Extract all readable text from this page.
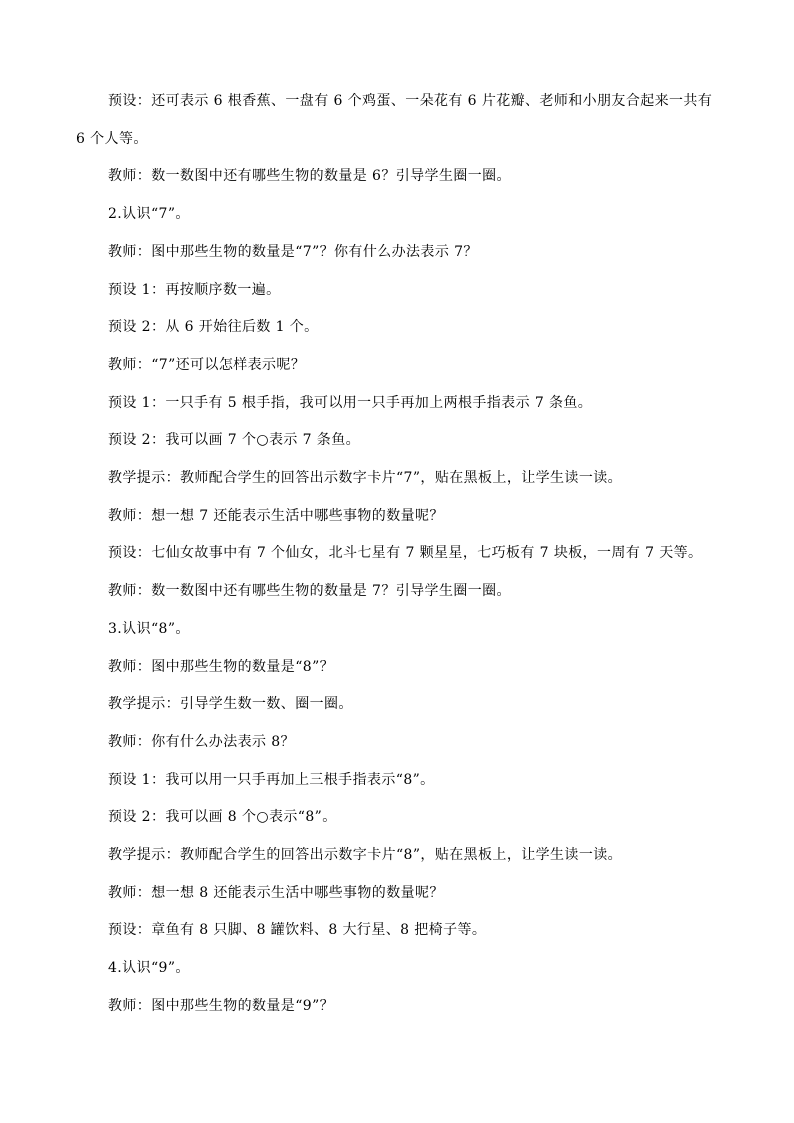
预设：还可表示 6 根香蕉、一盘有 6 个鸡蛋、一朵花有 6 片花瓣、老师和小朋友合起来一共有 6 个人等。

教师：数一数图中还有哪些生物的数量是 6？引导学生圈一圈。

2.认识“7”。

教师：图中那些生物的数量是“7”？你有什么办法表示 7？

预设 1：再按顺序数一遍。

预设 2：从 6 开始往后数 1 个。

教师：“7”还可以怎样表示呢？

预设 1：一只手有 5 根手指，我可以用一只手再加上两根手指表示 7 条鱼。

预设 2：我可以画 7 个○表示 7 条鱼。

教学提示：教师配合学生的回答出示数字卡片“7”，贴在黑板上，让学生读一读。

教师：想一想 7 还能表示生活中哪些事物的数量呢？

预设：七仙女故事中有 7 个仙女，北斗七星有 7 颗星星，七巧板有 7 块板，一周有 7 天等。

教师：数一数图中还有哪些生物的数量是 7？引导学生圈一圈。

3.认识“8”。

教师：图中那些生物的数量是“8”？

教学提示：引导学生数一数、圈一圈。

教师：你有什么办法表示 8？

预设 1：我可以用一只手再加上三根手指表示“8”。

预设 2：我可以画 8 个○表示“8”。

教学提示：教师配合学生的回答出示数字卡片“8”，贴在黑板上，让学生读一读。

教师：想一想 8 还能表示生活中哪些事物的数量呢？

预设：章鱼有 8 只脚、8 罐饮料、8 大行星、8 把椅子等。

4.认识“9”。

教师：图中那些生物的数量是“9”？
